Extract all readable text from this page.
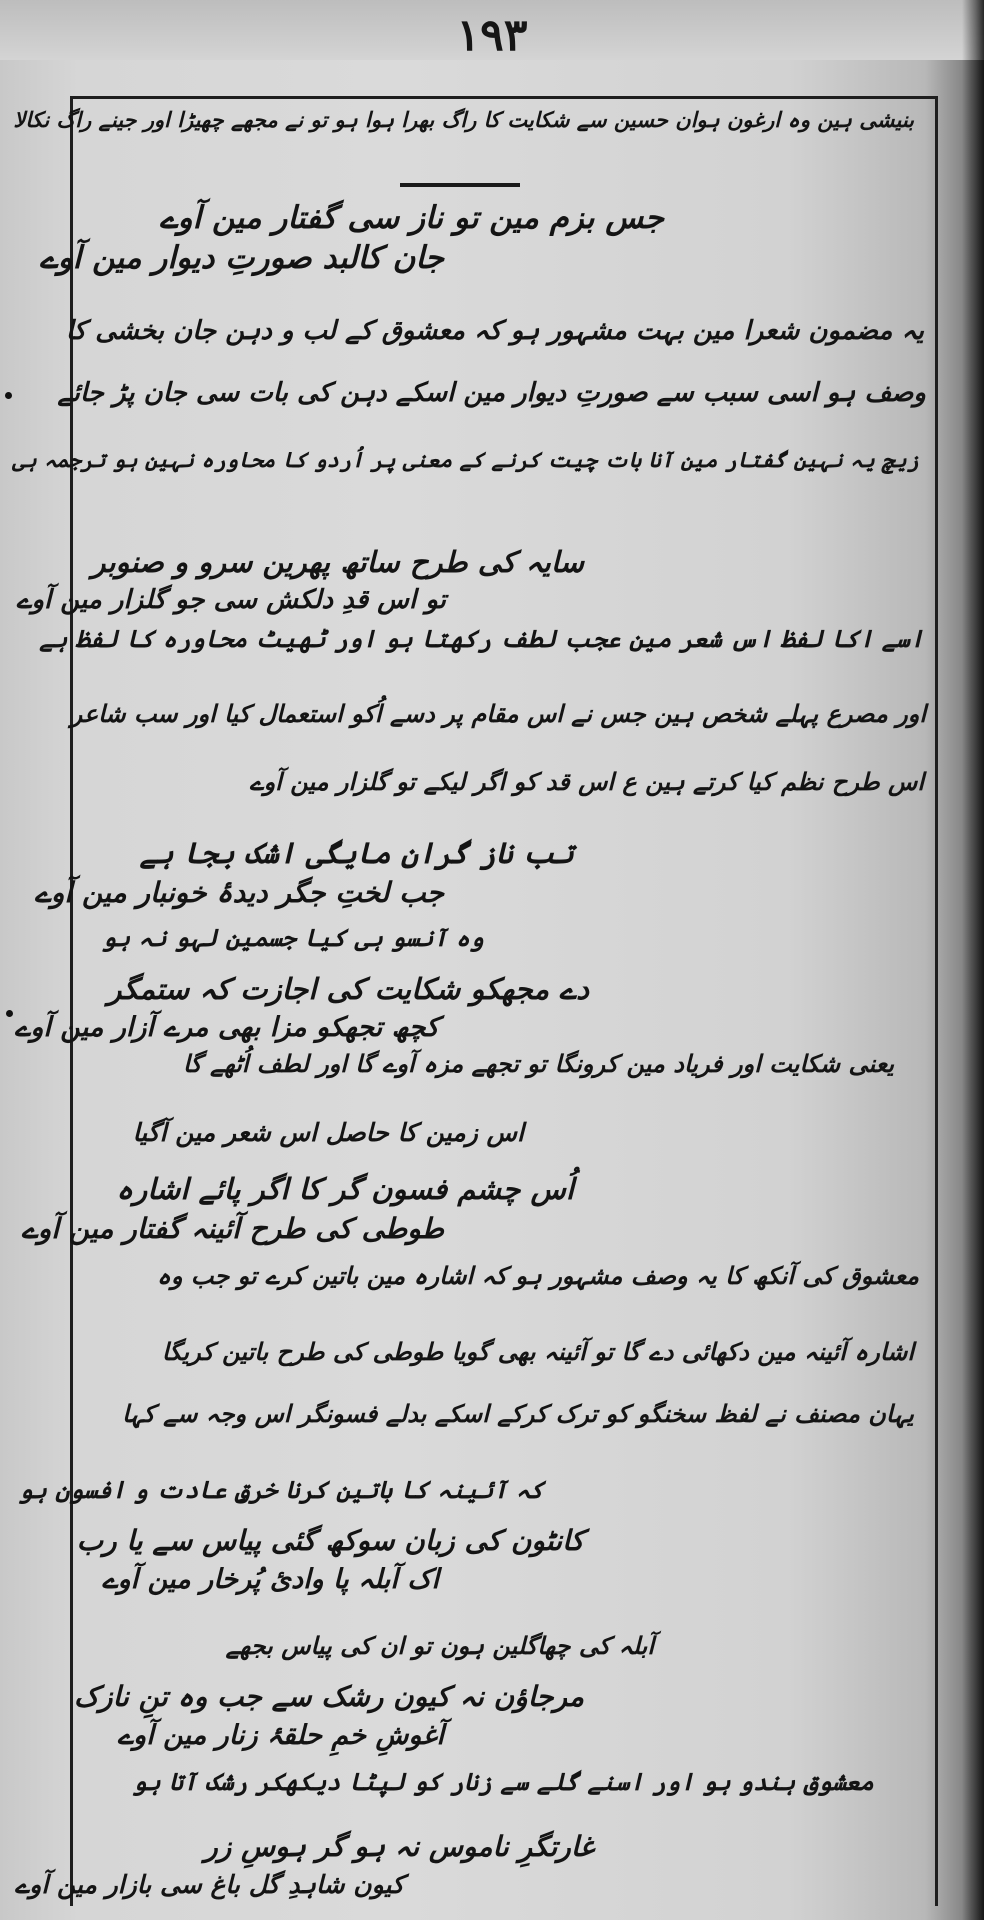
۱۹۳
بنیشی ہین وہ ارغون ہوان حسین سے شکایت کا راگ بھرا ہوا ہو تو نے مجھے چھیڑا اور جینے راگ نکالا
جس بزم مین تو ناز سی گفتار مین آوے
جان کالبد صورتِ دیوار مین آوے
یہ مضمون شعرا مین بہت مشہور ہو کہ معشوق کے لب و دہن جان بخشی کا
وصف ہو اسی سبب سے صورتِ دیوار مین اسکے دہن کی بات سی جان پڑ جائے
زیچ یہ نہین گفتار مین آنا بات چیت کرنے کے معنی پر اُردو کا محاورہ نہین ہو ترجمہ ہی
سایہ کی طرح ساتھ پھرین سرو و صنوبر
تو اس قدِ دلکش سی جو گلزار مین آوے
اسے اکا لفظ اس شعر مین عجب لطف رکھتا ہو اور ٹھیٹ محاورہ کا لفظ ہے
اور مصرع پہلے شخص ہین جس نے اس مقام پر دسے اُکو استعمال کیا اور سب شاعر
اس طرح نظم کیا کرتے ہین ع اس قد کو اگر لیکے تو گلزار مین آوے
تب ناز گران مایگی اشک بجا ہے
جب لختِ جگر دیدۂ خونبار مین آوے
وہ آنسو ہی کیا جسمین لہو نہ ہو
دے مجھکو شکایت کی اجازت کہ ستمگر
کچھ تجھکو مزا بھی مرے آزار مین آوے
یعنی شکایت اور فریاد مین کرونگا تو تجھے مزہ آوے گا اور لطف اُٹھے گا
اس زمین کا حاصل اس شعر مین آگیا
اُس چشم فسون گر کا اگر پائے اشارہ
طوطی کی طرح آئینہ گفتار مین آوے
معشوق کی آنکھ کا یہ وصف مشہور ہو کہ اشارہ مین باتین کرے تو جب وہ
اشارہ آئینہ مین دکھائی دے گا تو آئینہ بھی گویا طوطی کی طرح باتین کریگا
یہان مصنف نے لفظ سخنگو کو ترک کرکے اسکے بدلے فسونگر اس وجہ سے کہا
کہ آئینہ کا باتین کرنا خرقِ عادت و افسون ہو
کانٹون کی زبان سوکھ گئی پیاس سے یا رب
اک آبلہ پا وادیٔ پُرخار مین آوے
آبلہ کی چھاگلین ہون تو ان کی پیاس بجھے
مرجاؤن نہ کیون رشک سے جب وہ تنِ نازک
آغوشِ خمِ حلقۂ زنار مین آوے
معشوق ہندو ہو اور اسنے گلے سے زنار کو لپٹا دیکھکر رشک آتا ہو
غارتگرِ ناموس نہ ہو گر ہوسِ زر
کیون شاہدِ گل باغ سی بازار مین آوے
